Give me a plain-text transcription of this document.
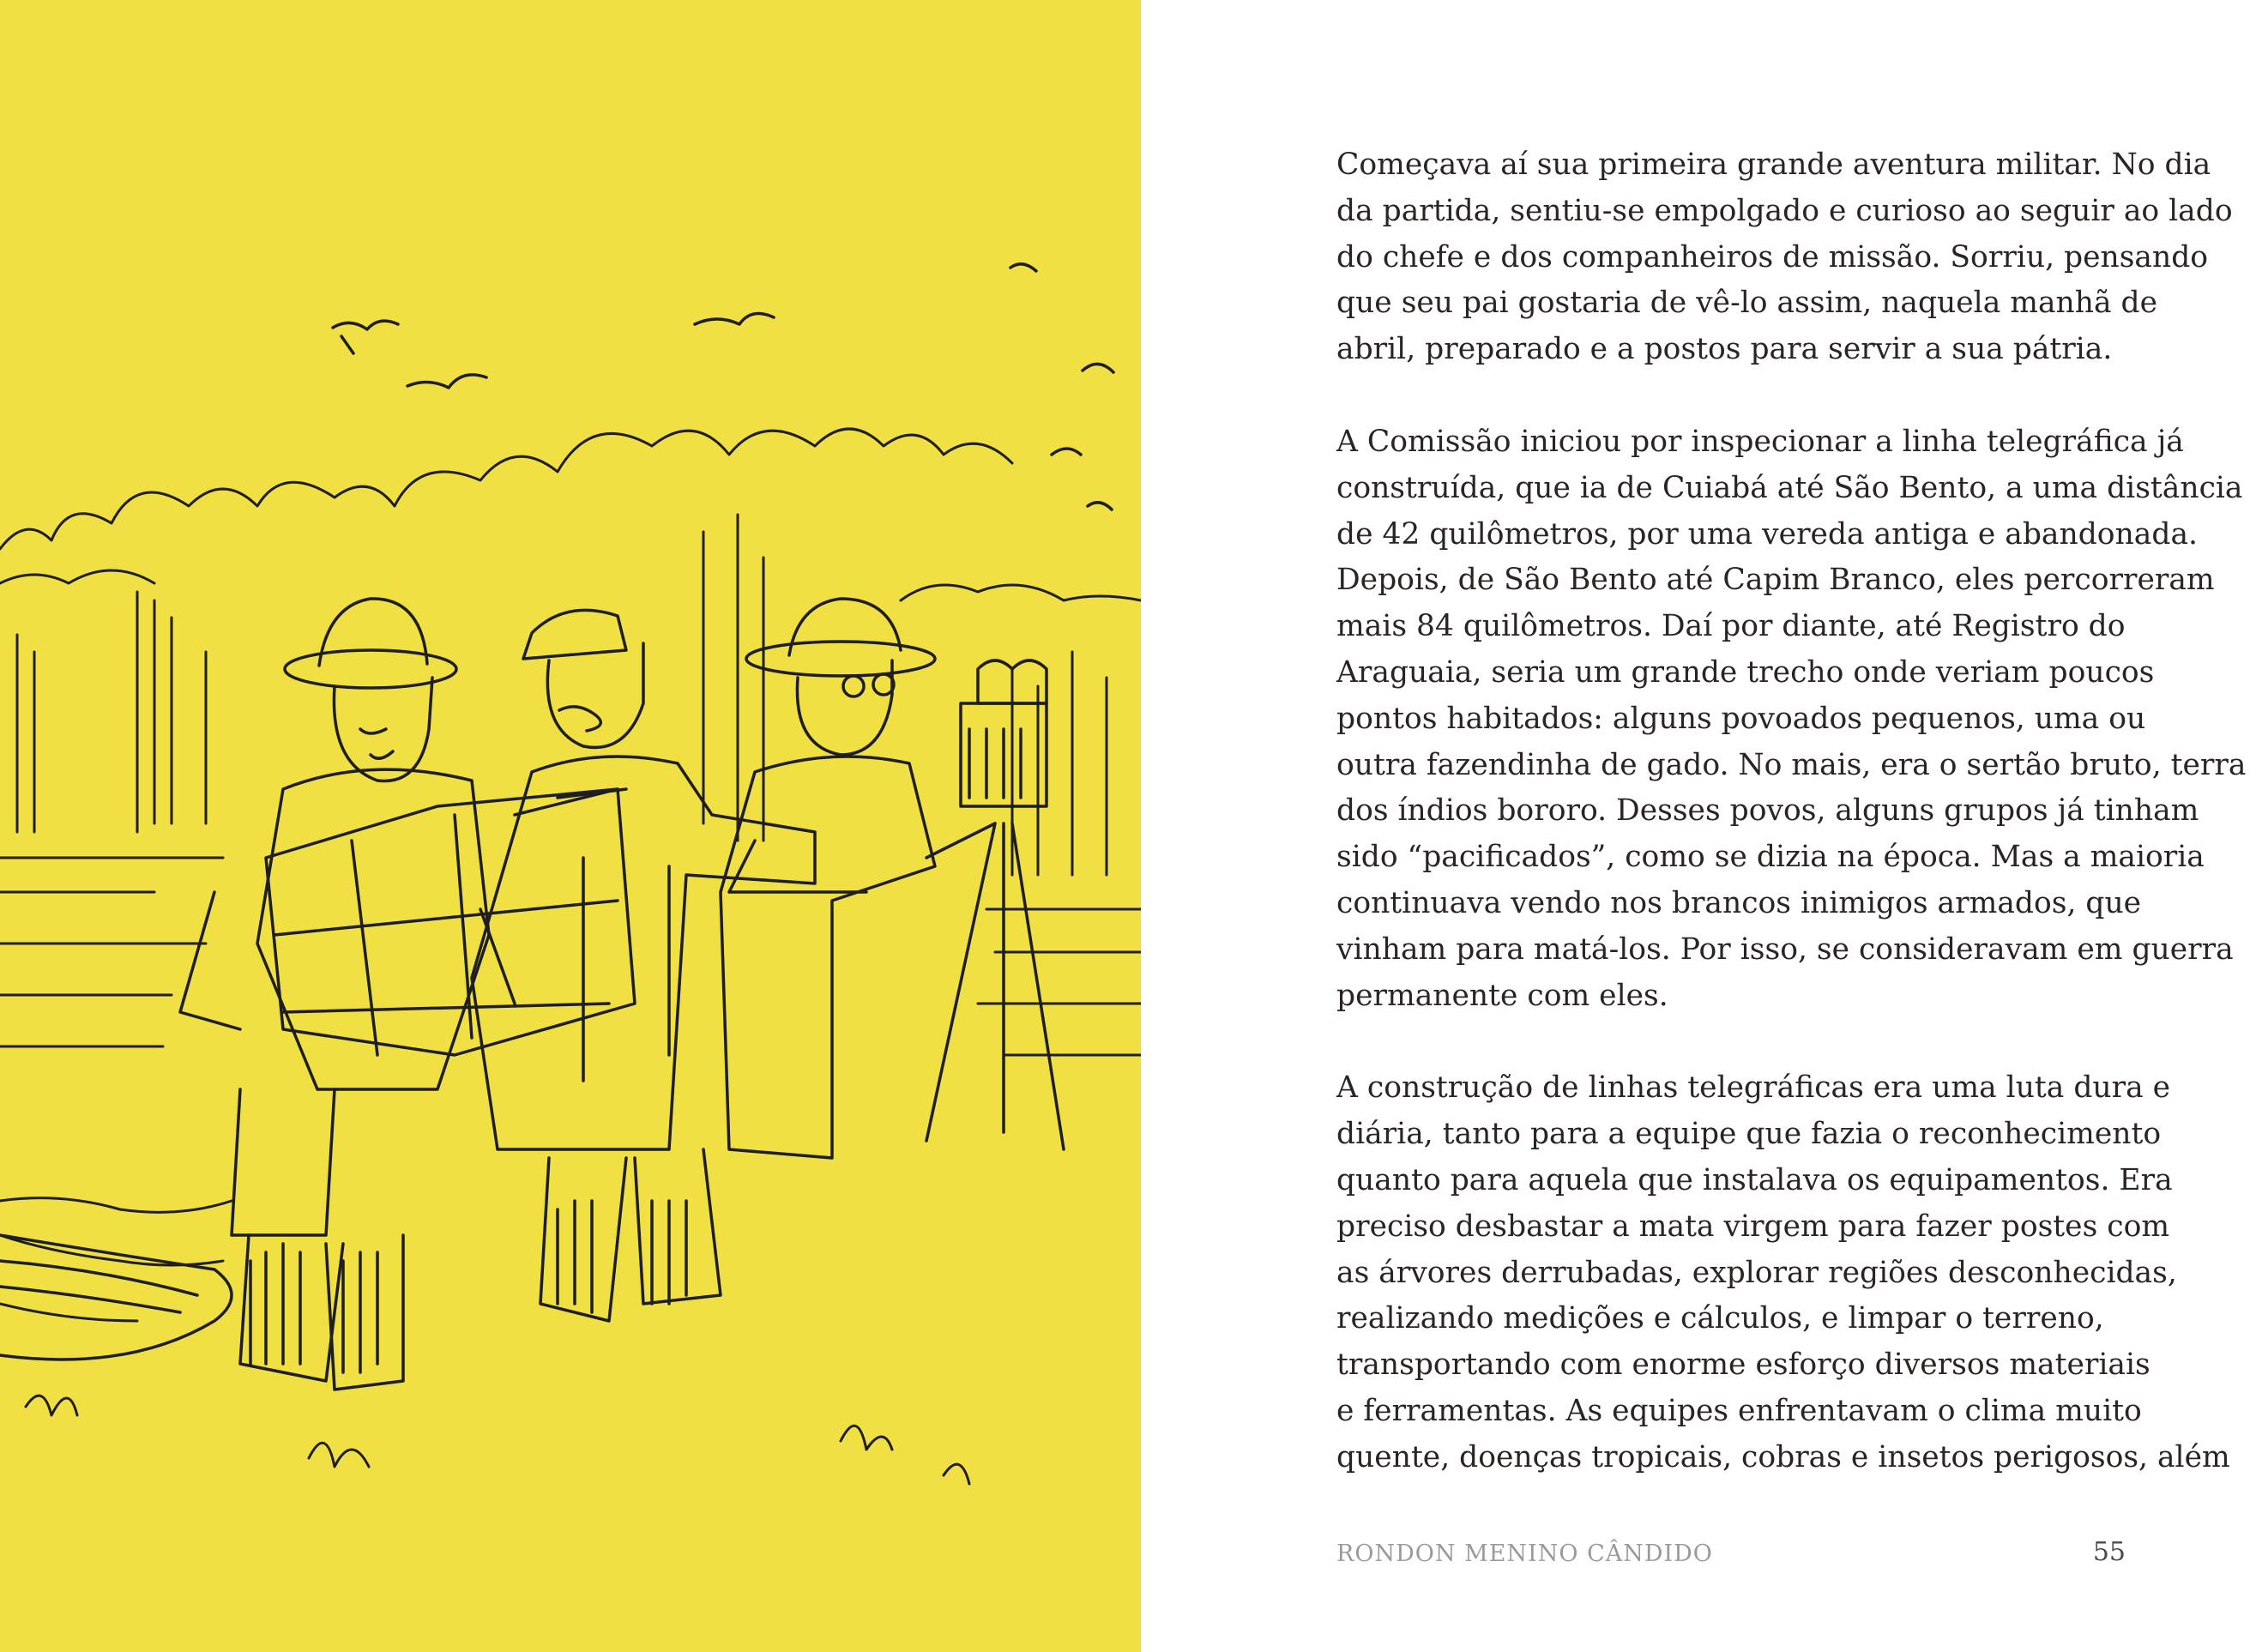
Começava aí sua primeira grande aventura militar. No dia
da partida, sentiu-se empolgado e curioso ao seguir ao lado
do chefe e dos companheiros de missão. Sorriu, pensando
que seu pai gostaria de vê-lo assim, naquela manhã de
abril, preparado e a postos para servir a sua pátria.
A Comissão iniciou por inspecionar a linha telegráfica já
construída, que ia de Cuiabá até São Bento, a uma distância
de 42 quilômetros, por uma vereda antiga e abandonada.
Depois, de São Bento até Capim Branco, eles percorreram
mais 84 quilômetros. Daí por diante, até Registro do
Araguaia, seria um grande trecho onde veriam poucos
pontos habitados: alguns povoados pequenos, uma ou
outra fazendinha de gado. No mais, era o sertão bruto, terra
dos índios bororo. Desses povos, alguns grupos já tinham
sido “pacificados”, como se dizia na época. Mas a maioria
continuava vendo nos brancos inimigos armados, que
vinham para matá-los. Por isso, se consideravam em guerra
permanente com eles.
A construção de linhas telegráficas era uma luta dura e
diária, tanto para a equipe que fazia o reconhecimento
quanto para aquela que instalava os equipamentos. Era
preciso desbastar a mata virgem para fazer postes com
as árvores derrubadas, explorar regiões desconhecidas,
realizando medições e cálculos, e limpar o terreno,
transportando com enorme esforço diversos materiais
e ferramentas. As equipes enfrentavam o clima muito
quente, doenças tropicais, cobras e insetos perigosos, além
RONDON MENINO CÂNDIDO	55
